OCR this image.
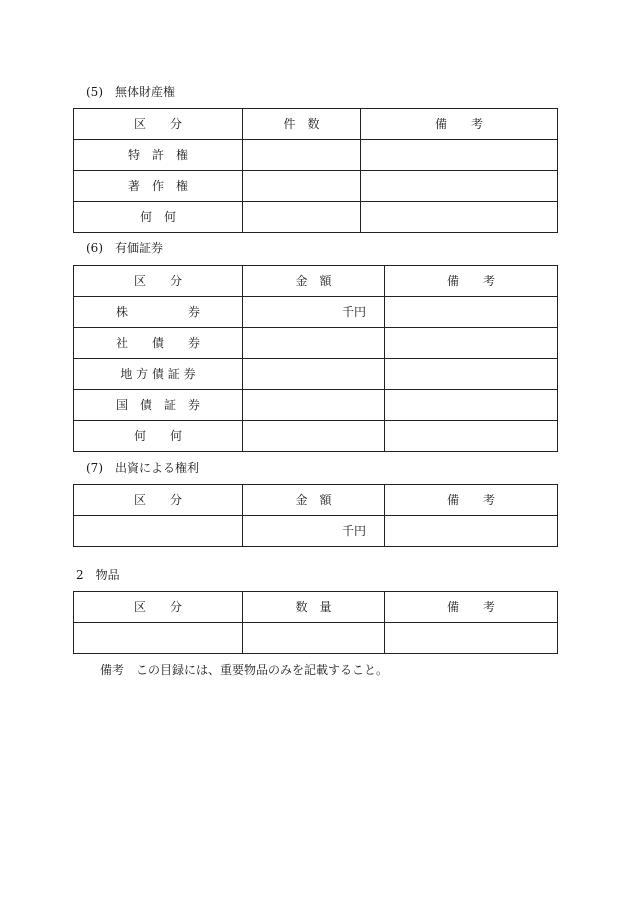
(5)　無体財産権
区　　分	件　数	備　　考
特　許　権		
著　作　権		
何　何		
(6)　有価証券
区　　分	金　額	備　　考
株　　　　　券	千円	
社　　債　　券		
地 方 債 証 券		
国　債　証　券		
何　　何		
(7)　出資による権利
区　　分	金　額	備　　考
	千円	
2　物品
区　　分	数　量	備　　考

備考　この目録には、重要物品のみを記載すること。
